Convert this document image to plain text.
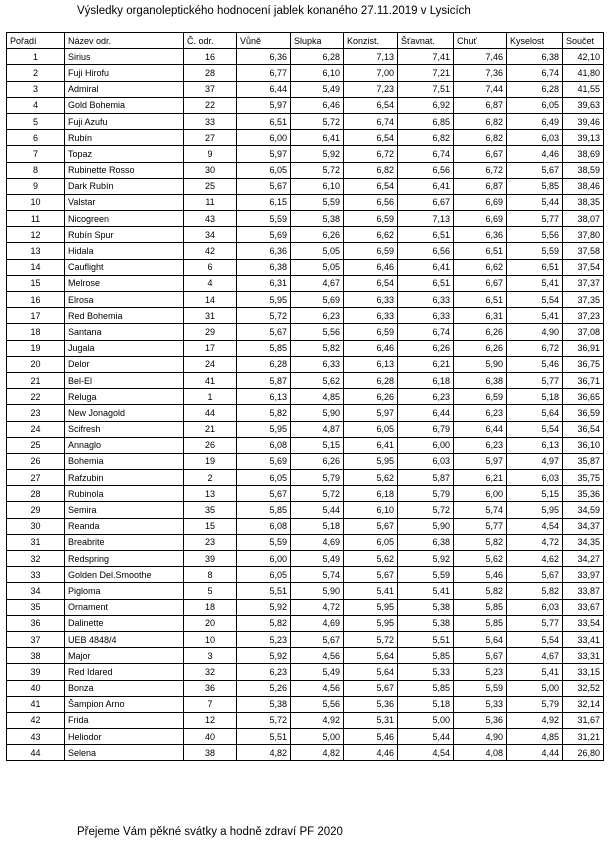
Výsledky organoleptického hodnocení jablek konaného 27.11.2019 v Lysicích
Pořadí	Název odr.	Č. odr.	Vůně	Slupka	Konzist.	Šťavnat.	Chuť	Kyselost	Součet
1	Sirius	16	6,36	6,28	7,13	7,41	7,46	6,38	42,10
2	Fuji Hirofu	28	6,77	6,10	7,00	7,21	7,36	6,74	41,80
3	Admiral	37	6,44	5,49	7,23	7,51	7,44	6,28	41,55
4	Gold Bohemia	22	5,97	6,46	6,54	6,92	6,87	6,05	39,63
5	Fuji Azufu	33	6,51	5,72	6,74	6,85	6,82	6,49	39,46
6	Rubín	27	6,00	6,41	6,54	6,82	6,82	6,03	39,13
7	Topaz	9	5,97	5,92	6,72	6,74	6,67	4,46	38,69
8	Rubinette Rosso	30	6,05	5,72	6,82	6,56	6,72	5,67	38,59
9	Dark Rubín	25	5,67	6,10	6,54	6,41	6,87	5,85	38,46
10	Valstar	11	6,15	5,59	6,56	6,67	6,69	5,44	38,35
11	Nicogreen	43	5,59	5,38	6,59	7,13	6,69	5,77	38,07
12	Rubín Spur	34	5,69	6,26	6,62	6,51	6,36	5,56	37,80
13	Hidala	42	6,36	5,05	6,59	6,56	6,51	5,59	37,58
14	Cauflight	6	6,38	5,05	6,46	6,41	6,62	6,51	37,54
15	Melrose	4	6,31	4,67	6,54	6,51	6,67	5,41	37,37
16	Elrosa	14	5,95	5,69	6,33	6,33	6,51	5,54	37,35
17	Red Bohemia	31	5,72	6,23	6,33	6,33	6,31	5,41	37,23
18	Santana	29	5,67	5,56	6,59	6,74	6,26	4,90	37,08
19	Jugala	17	5,85	5,82	6,46	6,26	6,26	6,72	36,91
20	Delor	24	6,28	6,33	6,13	6,21	5,90	5,46	36,75
21	Bel-El	41	5,87	5,62	6,28	6,18	6,38	5,77	36,71
22	Reluga	1	6,13	4,85	6,26	6,23	6,59	5,18	36,65
23	New Jonagold	44	5,82	5,90	5,97	6,44	6,23	5,64	36,59
24	Scifresh	21	5,95	4,87	6,05	6,79	6,44	5,54	36,54
25	Annaglo	26	6,08	5,15	6,41	6,00	6,23	6,13	36,10
26	Bohemia	19	5,69	6,26	5,95	6,03	5,97	4,97	35,87
27	Rafzubin	2	6,05	5,79	5,62	5,87	6,21	6,03	35,75
28	Rubinola	13	5,67	5,72	6,18	5,79	6,00	5,15	35,36
29	Semira	35	5,85	5,44	6,10	5,72	5,74	5,95	34,59
30	Reanda	15	6,08	5,18	5,67	5,90	5,77	4,54	34,37
31	Breabrite	23	5,59	4,69	6,05	6,38	5,82	4,72	34,35
32	Redspring	39	6,00	5,49	5,62	5,92	5,62	4,62	34,27
33	Golden Del.Smoothe	8	6,05	5,74	5,67	5,59	5,46	5,67	33,97
34	Pigloma	5	5,51	5,90	5,41	5,41	5,82	5,82	33,87
35	Ornament	18	5,92	4,72	5,95	5,38	5,85	6,03	33,67
36	Dalinette	20	5,82	4,69	5,95	5,38	5,85	5,77	33,54
37	UEB 4848/4	10	5,23	5,67	5,72	5,51	5,64	5,54	33,41
38	Major	3	5,92	4,56	5,64	5,85	5,67	4,67	33,31
39	Red Idared	32	6,23	5,49	5,64	5,33	5,23	5,41	33,15
40	Bonza	36	5,26	4,56	5,67	5,85	5,59	5,00	32,52
41	Šampion Arno	7	5,38	5,56	5,36	5,18	5,33	5,79	32,14
42	Frida	12	5,72	4,92	5,31	5,00	5,36	4,92	31,67
43	Heliodor	40	5,51	5,00	5,46	5,44	4,90	4,85	31,21
44	Selena	38	4,82	4,82	4,46	4,54	4,08	4,44	26,80
Přejeme Vám pěkné svátky a hodně zdraví PF 2020
